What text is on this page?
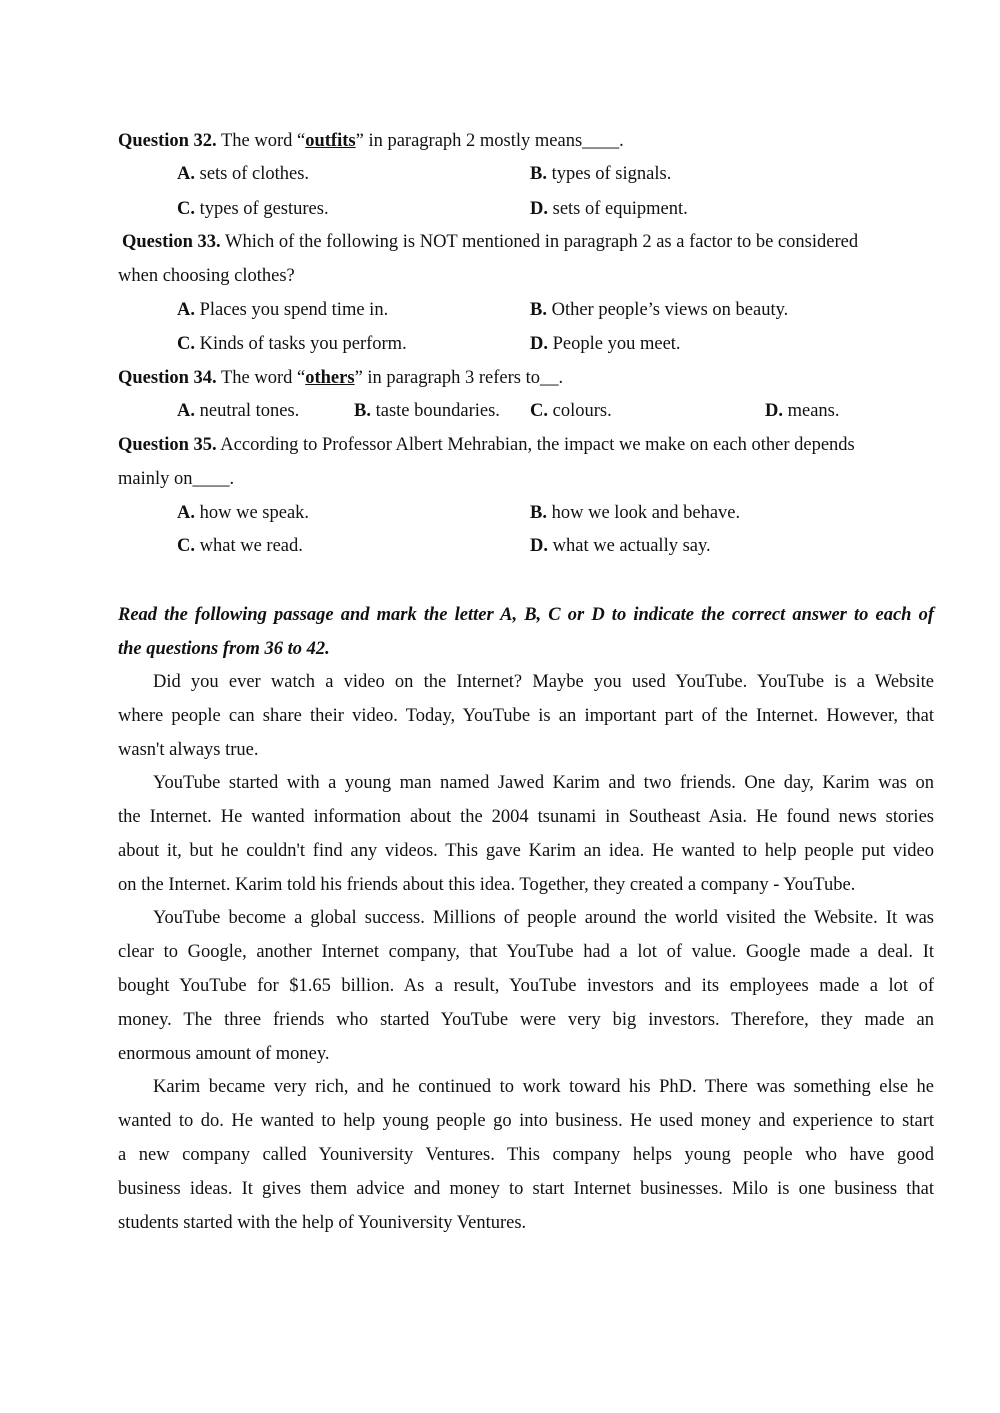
Question 32. The word “outfits” in paragraph 2 mostly means____.
A. sets of clothes.	B. types of signals.
C. types of gestures.	D. sets of equipment.
Question 33. Which of the following is NOT mentioned in paragraph 2 as a factor to be considered
when choosing clothes?
A. Places you spend time in.	B. Other people’s views on beauty.
C. Kinds of tasks you perform.	D. People you meet.
Question 34. The word “others” in paragraph 3 refers to__.
A. neutral tones.	B. taste boundaries. C. colours.	D. means.
Question 35. According to Professor Albert Mehrabian, the impact we make on each other depends
mainly on____.
A. how we speak.	B. how we look and behave.
C. what we read.	D. what we actually say.
Read the following passage and mark the letter A, B, C or D to indicate the correct answer to each of
the questions from 36 to 42.
Did you ever watch a video on the Internet? Maybe you used YouTube. YouTube is a Website
where people can share their video. Today, YouTube is an important part of the Internet. However, that
wasn't always true.
YouTube started with a young man named Jawed Karim and two friends. One day, Karim was on
the Internet. He wanted information about the 2004 tsunami in Southeast Asia. He found news stories
about it, but he couldn't find any videos. This gave Karim an idea. He wanted to help people put video
on the Internet. Karim told his friends about this idea. Together, they created a company - YouTube.
YouTube become a global success. Millions of people around the world visited the Website. It was
clear to Google, another Internet company, that YouTube had a lot of value. Google made a deal. It
bought YouTube for $1.65 billion. As a result, YouTube investors and its employees made a lot of
money. The three friends who started YouTube were very big investors. Therefore, they made an
enormous amount of money.
Karim became very rich, and he continued to work toward his PhD. There was something else he
wanted to do. He wanted to help young people go into business. He used money and experience to start
a new company called Youniversity Ventures. This company helps young people who have good
business ideas. It gives them advice and money to start Internet businesses. Milo is one business that
students started with the help of Youniversity Ventures.
